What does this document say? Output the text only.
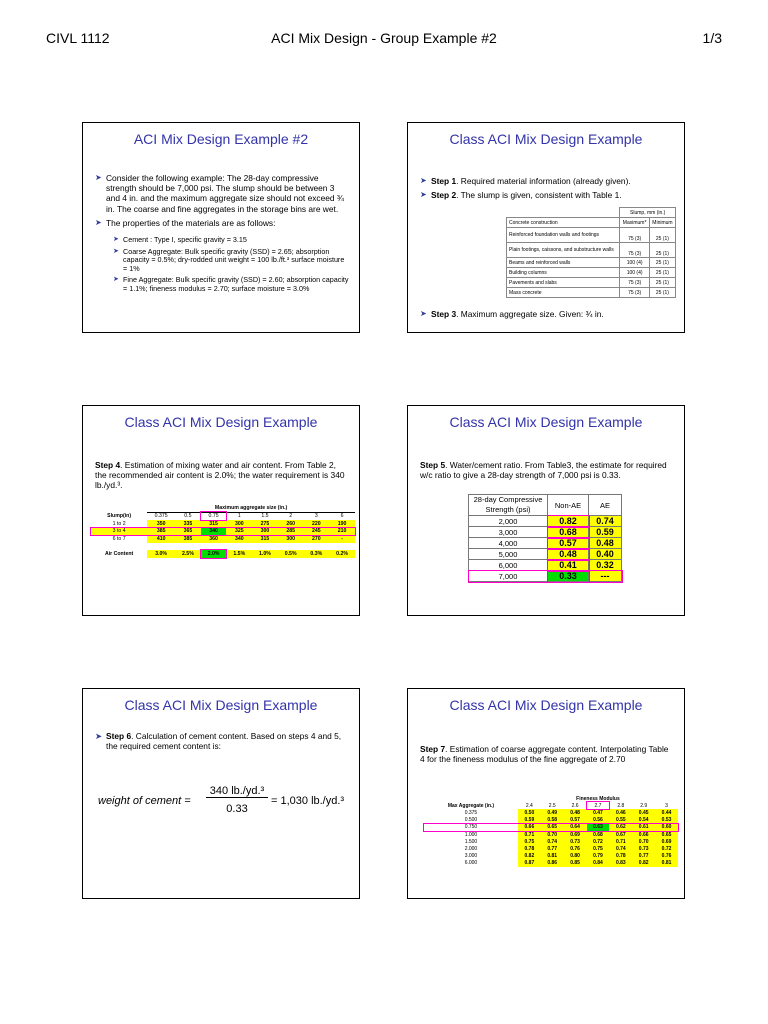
CIVL 1112	ACI Mix Design - Group Example #2	1/3
ACI Mix Design Example #2
➤ Consider the following example: The 28-day compressive strength should be 7,000 psi. The slump should be between 3 and 4 in. and the maximum aggregate size should not exceed ¾ in. The coarse and fine aggregates in the storage bins are wet.
➤ The properties of the materials are as follows:
➤ Cement : Type I, specific gravity = 3.15
➤ Coarse Aggregate: Bulk specific gravity (SSD) = 2.65; absorption capacity = 0.5%; dry-rodded unit weight = 100 lb./ft.³ surface moisture = 1%
➤ Fine Aggregate: Bulk specific gravity (SSD) = 2.60; absorption capacity = 1.1%; fineness modulus = 2.70; surface moisture = 3.0%
Class ACI Mix Design Example
➤ Step 1. Required material information (already given).
➤ Step 2. The slump is given, consistent with Table 1.
	Slump, mm (in.)	
Concrete construction	Maximum*	Minimum
Reinforced foundation walls and footings	75 (3)	25 (1)
Plain footings, caissons, and substructure walls	75 (3)	25 (1)
Beams and reinforced walls	100 (4)	25 (1)
Building columns	100 (4)	25 (1)
Pavements and slabs	75 (3)	25 (1)
Mass concrete	75 (3)	25 (1)
➤ Step 3. Maximum aggregate size. Given: ¾ in.
Class ACI Mix Design Example
Step 4. Estimation of mixing water and air content. From Table 2, the recommended air content is 2.0%; the water requirement is 340 lb./yd.³.
	Maximum aggregate size (in.)							
Slump(in)	0.375	0.5	0.75	1	1.5	2	3	6
1 to 2	350	335	315	300	275	260	220	190
3 to 4	385	365	340	325	300	285	245	210
6 to 7	410	385	360	340	315	300	270	-

Air Content	3.0%	2.5%	2.0%	1.5%	1.0%	0.5%	0.3%	0.2%
Class ACI Mix Design Example
Step 5. Water/cement ratio. From Table3, the estimate for required w/c ratio to give a 28-day strength of 7,000 psi is 0.33.
28-day Compressive Strength (psi)	Non-AE	AE
2,000	0.82	0.74
3,000	0.68	0.59
4,000	0.57	0.48
5,000	0.48	0.40
6,000	0.41	0.32
7,000	0.33	---
Class ACI Mix Design Example
➤ Step 6. Calculation of cement content. Based on steps 4 and 5, the required cement content is:
weight of cement =
340 lb./yd.³
0.33
= 1,030 lb./yd.³
Class ACI Mix Design Example
Step 7. Estimation of coarse aggregate content. Interpolating Table 4 for the fineness modulus of the fine aggregate of 2.70
	Fineness Modulus						
Max Aggregate (in.)	2.4	2.5	2.6	2.7	2.8	2.9	3
0.375	0.50	0.49	0.48	0.47	0.46	0.45	0.44
0.500	0.59	0.58	0.57	0.56	0.55	0.54	0.53
0.750	0.66	0.65	0.64	0.63	0.62	0.61	0.60
1.000	0.71	0.70	0.69	0.68	0.67	0.66	0.65
1.500	0.75	0.74	0.73	0.72	0.71	0.70	0.69
2.000	0.78	0.77	0.76	0.75	0.74	0.73	0.72
3.000	0.82	0.81	0.80	0.79	0.78	0.77	0.76
6.000	0.87	0.86	0.85	0.84	0.83	0.82	0.81
